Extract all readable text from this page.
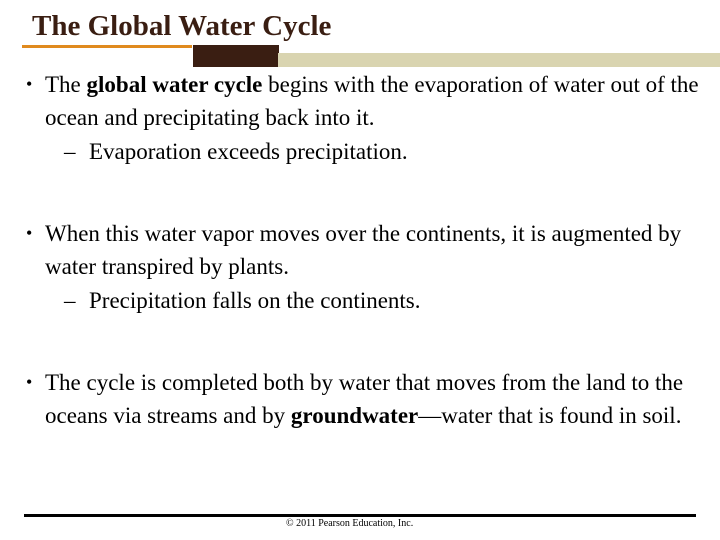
The Global Water Cycle
• The global water cycle begins with the evaporation of water out of the ocean and precipitating back into it.
– Evaporation exceeds precipitation.
• When this water vapor moves over the continents, it is augmented by water transpired by plants.
– Precipitation falls on the continents.
• The cycle is completed both by water that moves from the land to the oceans via streams and by groundwater—water that is found in soil.
© 2011 Pearson Education, Inc.
